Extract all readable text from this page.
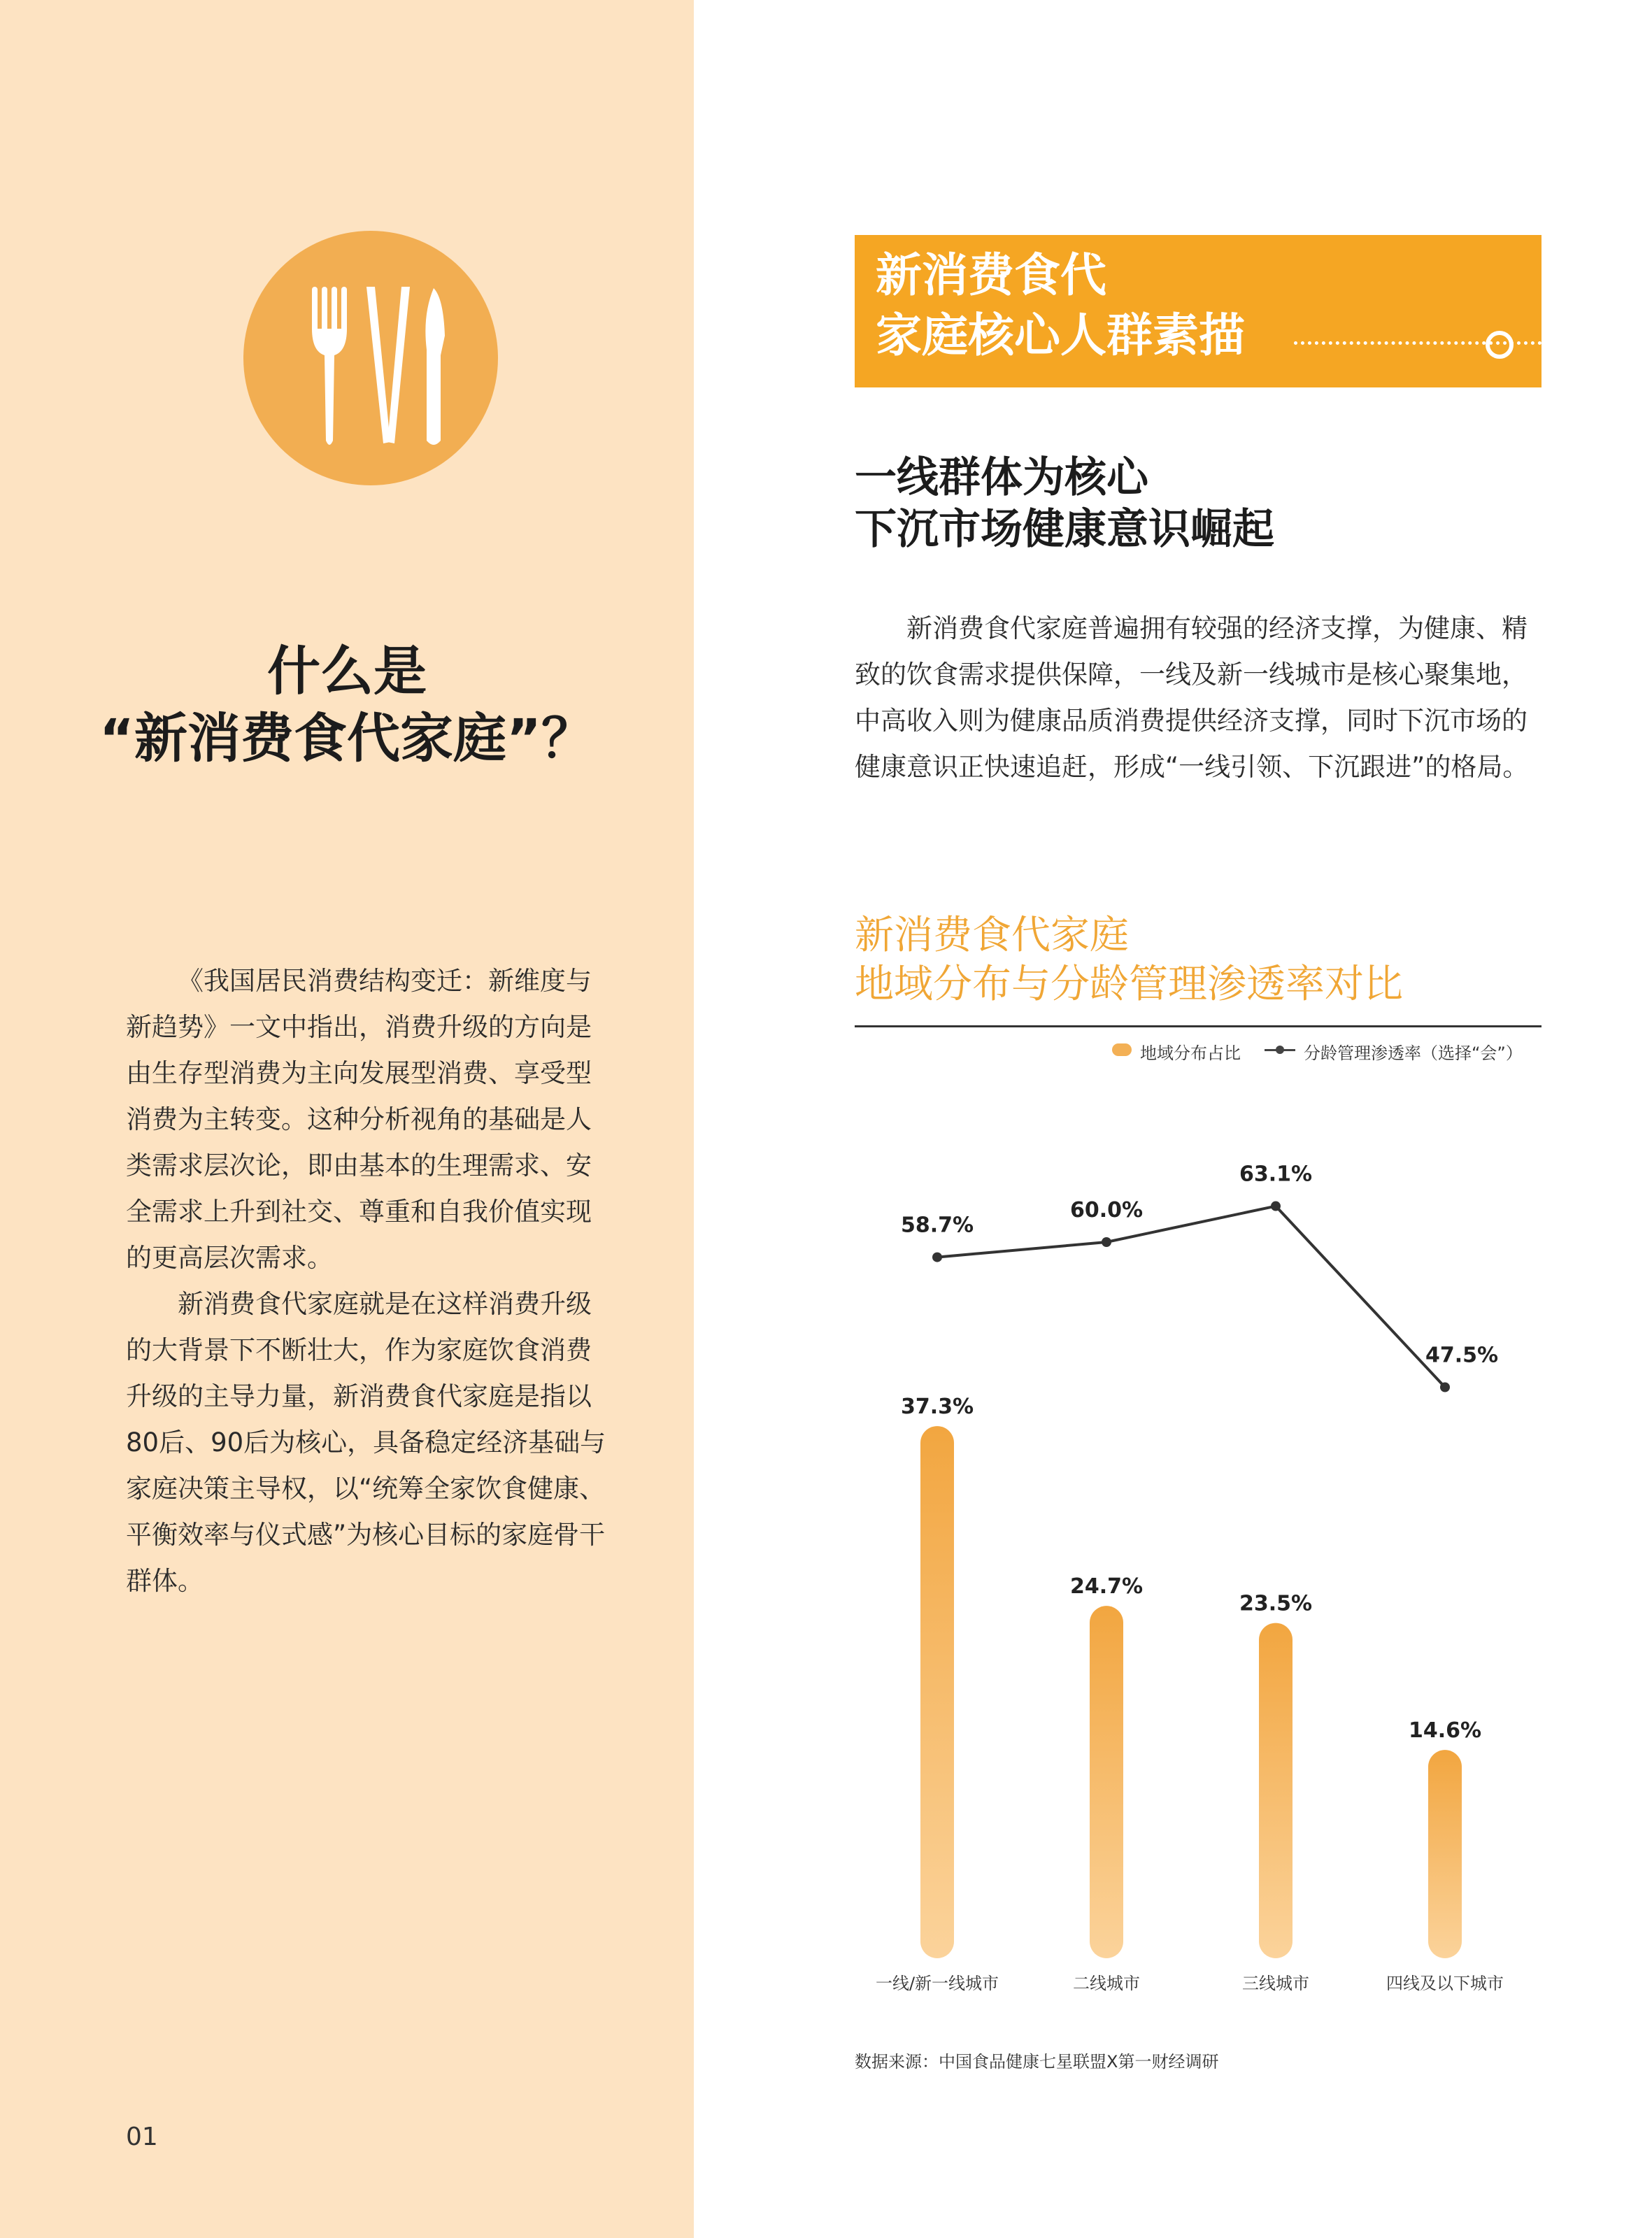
什么是
“新消费食代家庭”？

《我国居民消费结构变迁：新维度与新趋势》一文中指出，消费升级的方向是由生存型消费为主向发展型消费、享受型消费为主转变。这种分析视角的基础是人类需求层次论，即由基本的生理需求、安全需求上升到社交、尊重和自我价值实现的更高层次需求。

新消费食代家庭就是在这样消费升级的大背景下不断壮大，作为家庭饮食消费升级的主导力量，新消费食代家庭是指以80后、90后为核心，具备稳定经济基础与家庭决策主导权，以“统筹全家饮食健康、平衡效率与仪式感”为核心目标的家庭骨干群体。

01
新消费食代
家庭核心人群素描
一线群体为核心
下沉市场健康意识崛起

新消费食代家庭普遍拥有较强的经济支撑，为健康、精致的饮食需求提供保障，一线及新一线城市是核心聚集地，中高收入则为健康品质消费提供经济支撑，同时下沉市场的健康意识正快速追赶，形成“一线引领、下沉跟进”的格局。

新消费食代家庭
地域分布与分龄管理渗透率对比
地域分布占比	分龄管理渗透率（选择“会”）
37.3%
一线/新一线城市
24.7%
二线城市
23.5%
三线城市
14.6%
四线及以下城市
58.7%
60.0%
63.1%
47.5%
数据来源：中国食品健康七星联盟X第一财经调研
